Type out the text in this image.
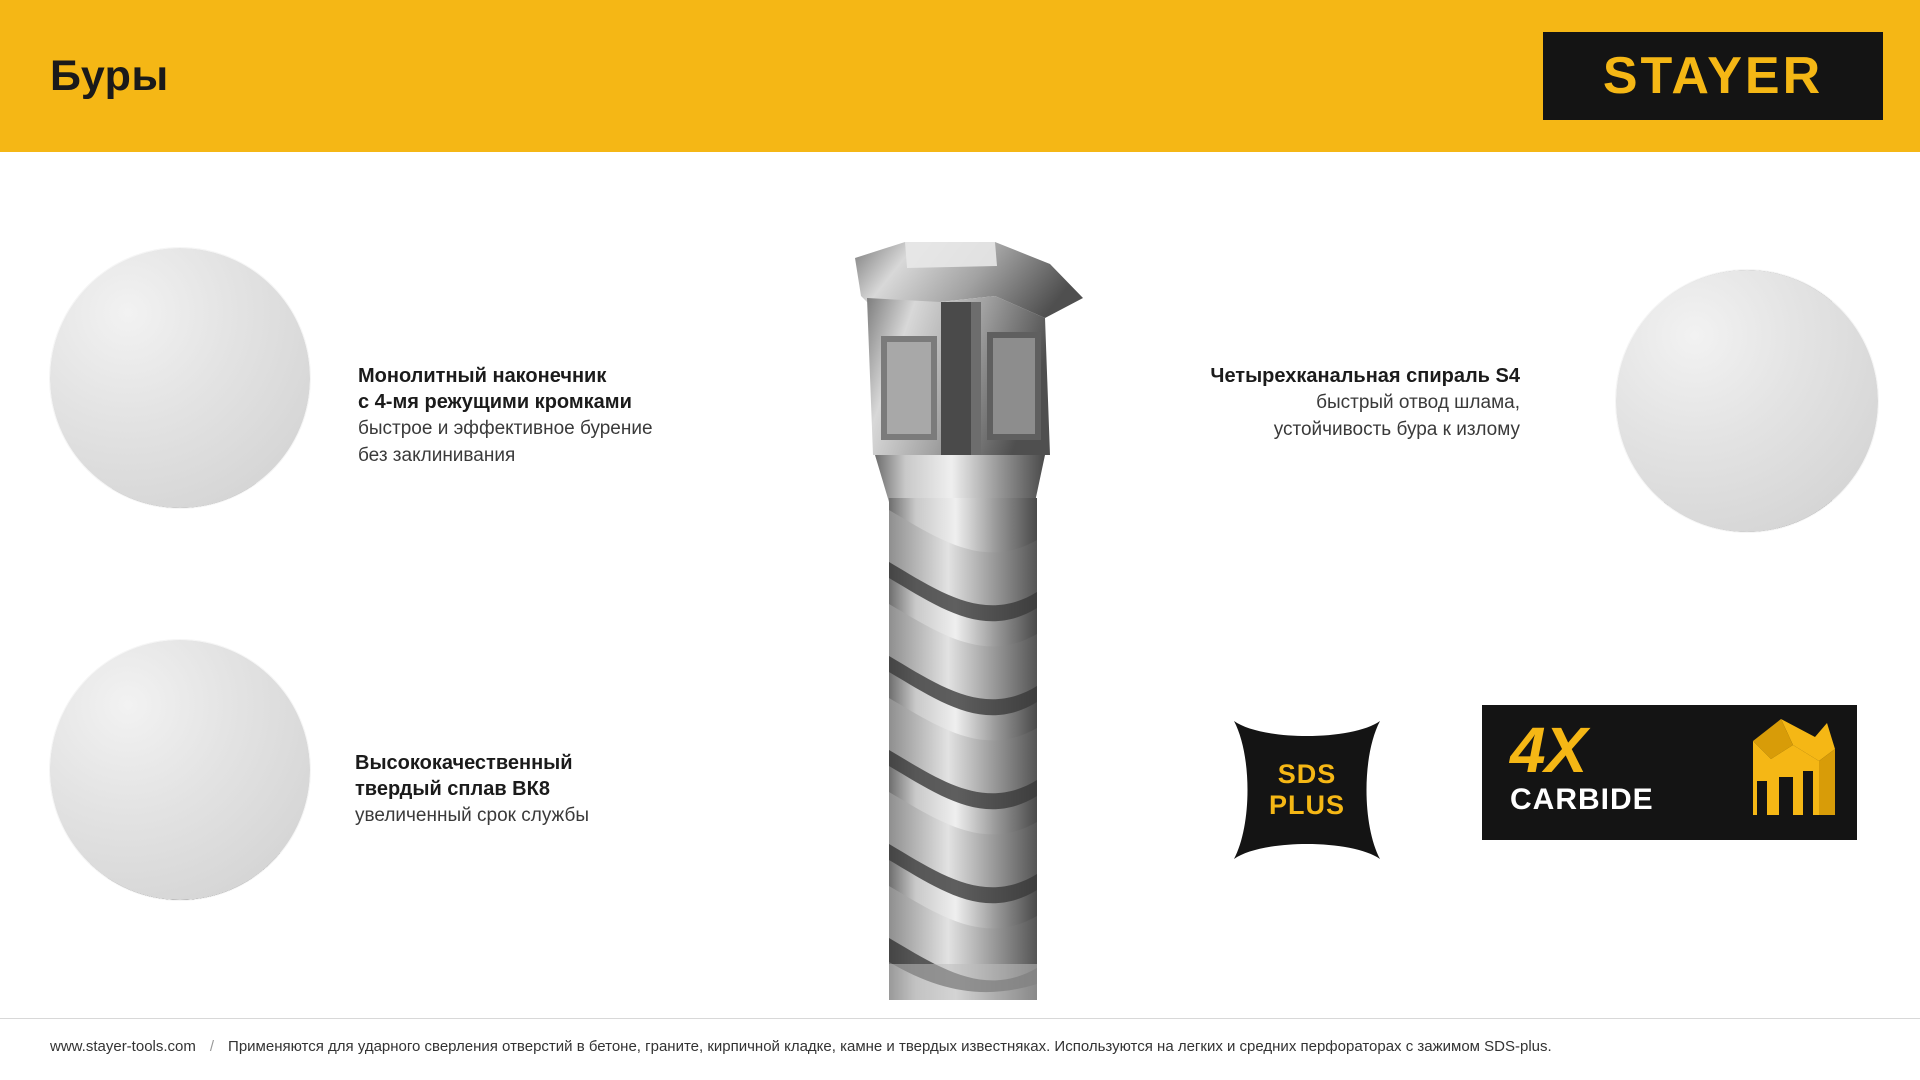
Буры	STAYER
Монолитный наконечник
с 4-мя режущими кромками
быстрое и эффективное бурение
без заклинивания
Высококачественный
твердый сплав ВК8
увеличенный срок службы
Четырехканальная спираль S4
быстрый отвод шлама,
устойчивость бура к излому
SDS
PLUS
4X
CARBIDE
www.stayer-tools.com / Применяются для ударного сверления отверстий в бетоне, граните, кирпичной кладке, камне и твердых известняках. Используются на легких и средних перфораторах с зажимом SDS-plus.
